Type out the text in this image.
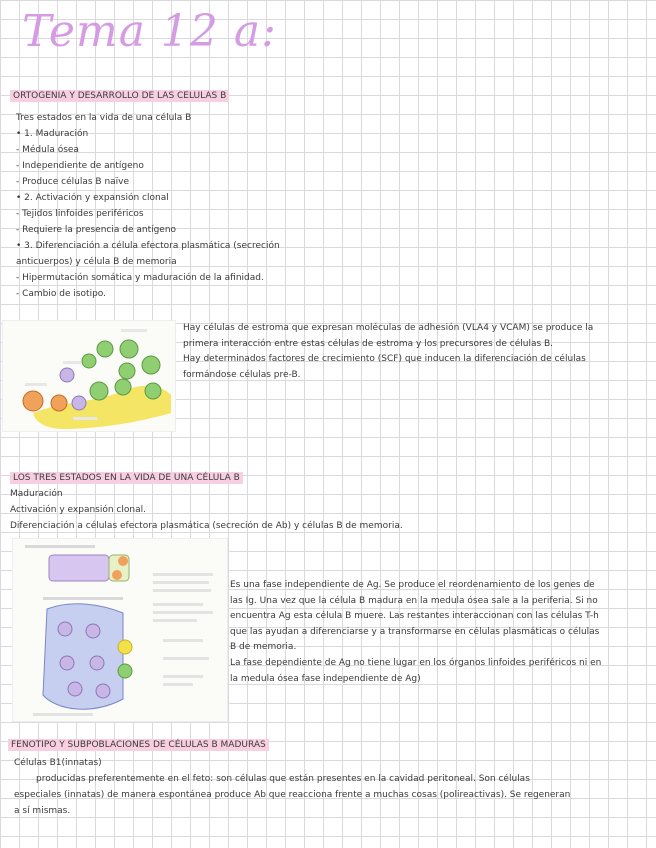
Tema 12 a:
ORTOGENIA Y DESARROLLO DE LAS CELULAS B
Tres estados en la vida de una célula B
• 1. Maduración
- Médula ósea
- Independiente de antígeno
- Produce células B naïve
• 2. Activación y expansión clonal
- Tejidos linfoides periféricos
- Requiere la presencia de antígeno
• 3. Diferenciación a célula efectora plasmática (secreción
anticuerpos) y célula B de memoria
- Hipermutación somática y maduración de la afinidad.
- Cambio de isotipo.
Hay células de estroma que expresan moléculas de adhesión (VLA4 y VCAM) se produce la
primera interacción entre estas células de estroma y los precursores de células B.
Hay determinados factores de crecimiento (SCF) que inducen la diferenciación de células
formándose células pre-B.
LOS TRES ESTADOS EN LA VIDA DE UNA CÉLULA B
Maduración
Activación y expansión clonal.
Diferenciación a células efectora plasmática (secreción de Ab) y células B de memoria.
Es una fase independiente de Ag. Se produce el reordenamiento de los genes de
las Ig. Una vez que la célula B madura en la medula ósea sale a la periferia. Si no
encuentra Ag esta célula B muere. Las restantes interaccionan con las células T-h
que las ayudan a diferenciarse y a transformarse en células plasmáticas o células
B de memoria.
La fase dependiente de Ag no tiene lugar en los órganos linfoides periféricos ni en
la medula ósea fase independiente de Ag)
FENOTIPO Y SUBPOBLACIONES DE CÉLULAS B MADURAS
Células B1(innatas)
producidas preferentemente en el feto: son células que están presentes en la cavidad peritoneal. Son células
especiales (innatas) de manera espontánea produce Ab que reacciona frente a muchas cosas (polireactivas). Se regeneran
a sí mismas.
